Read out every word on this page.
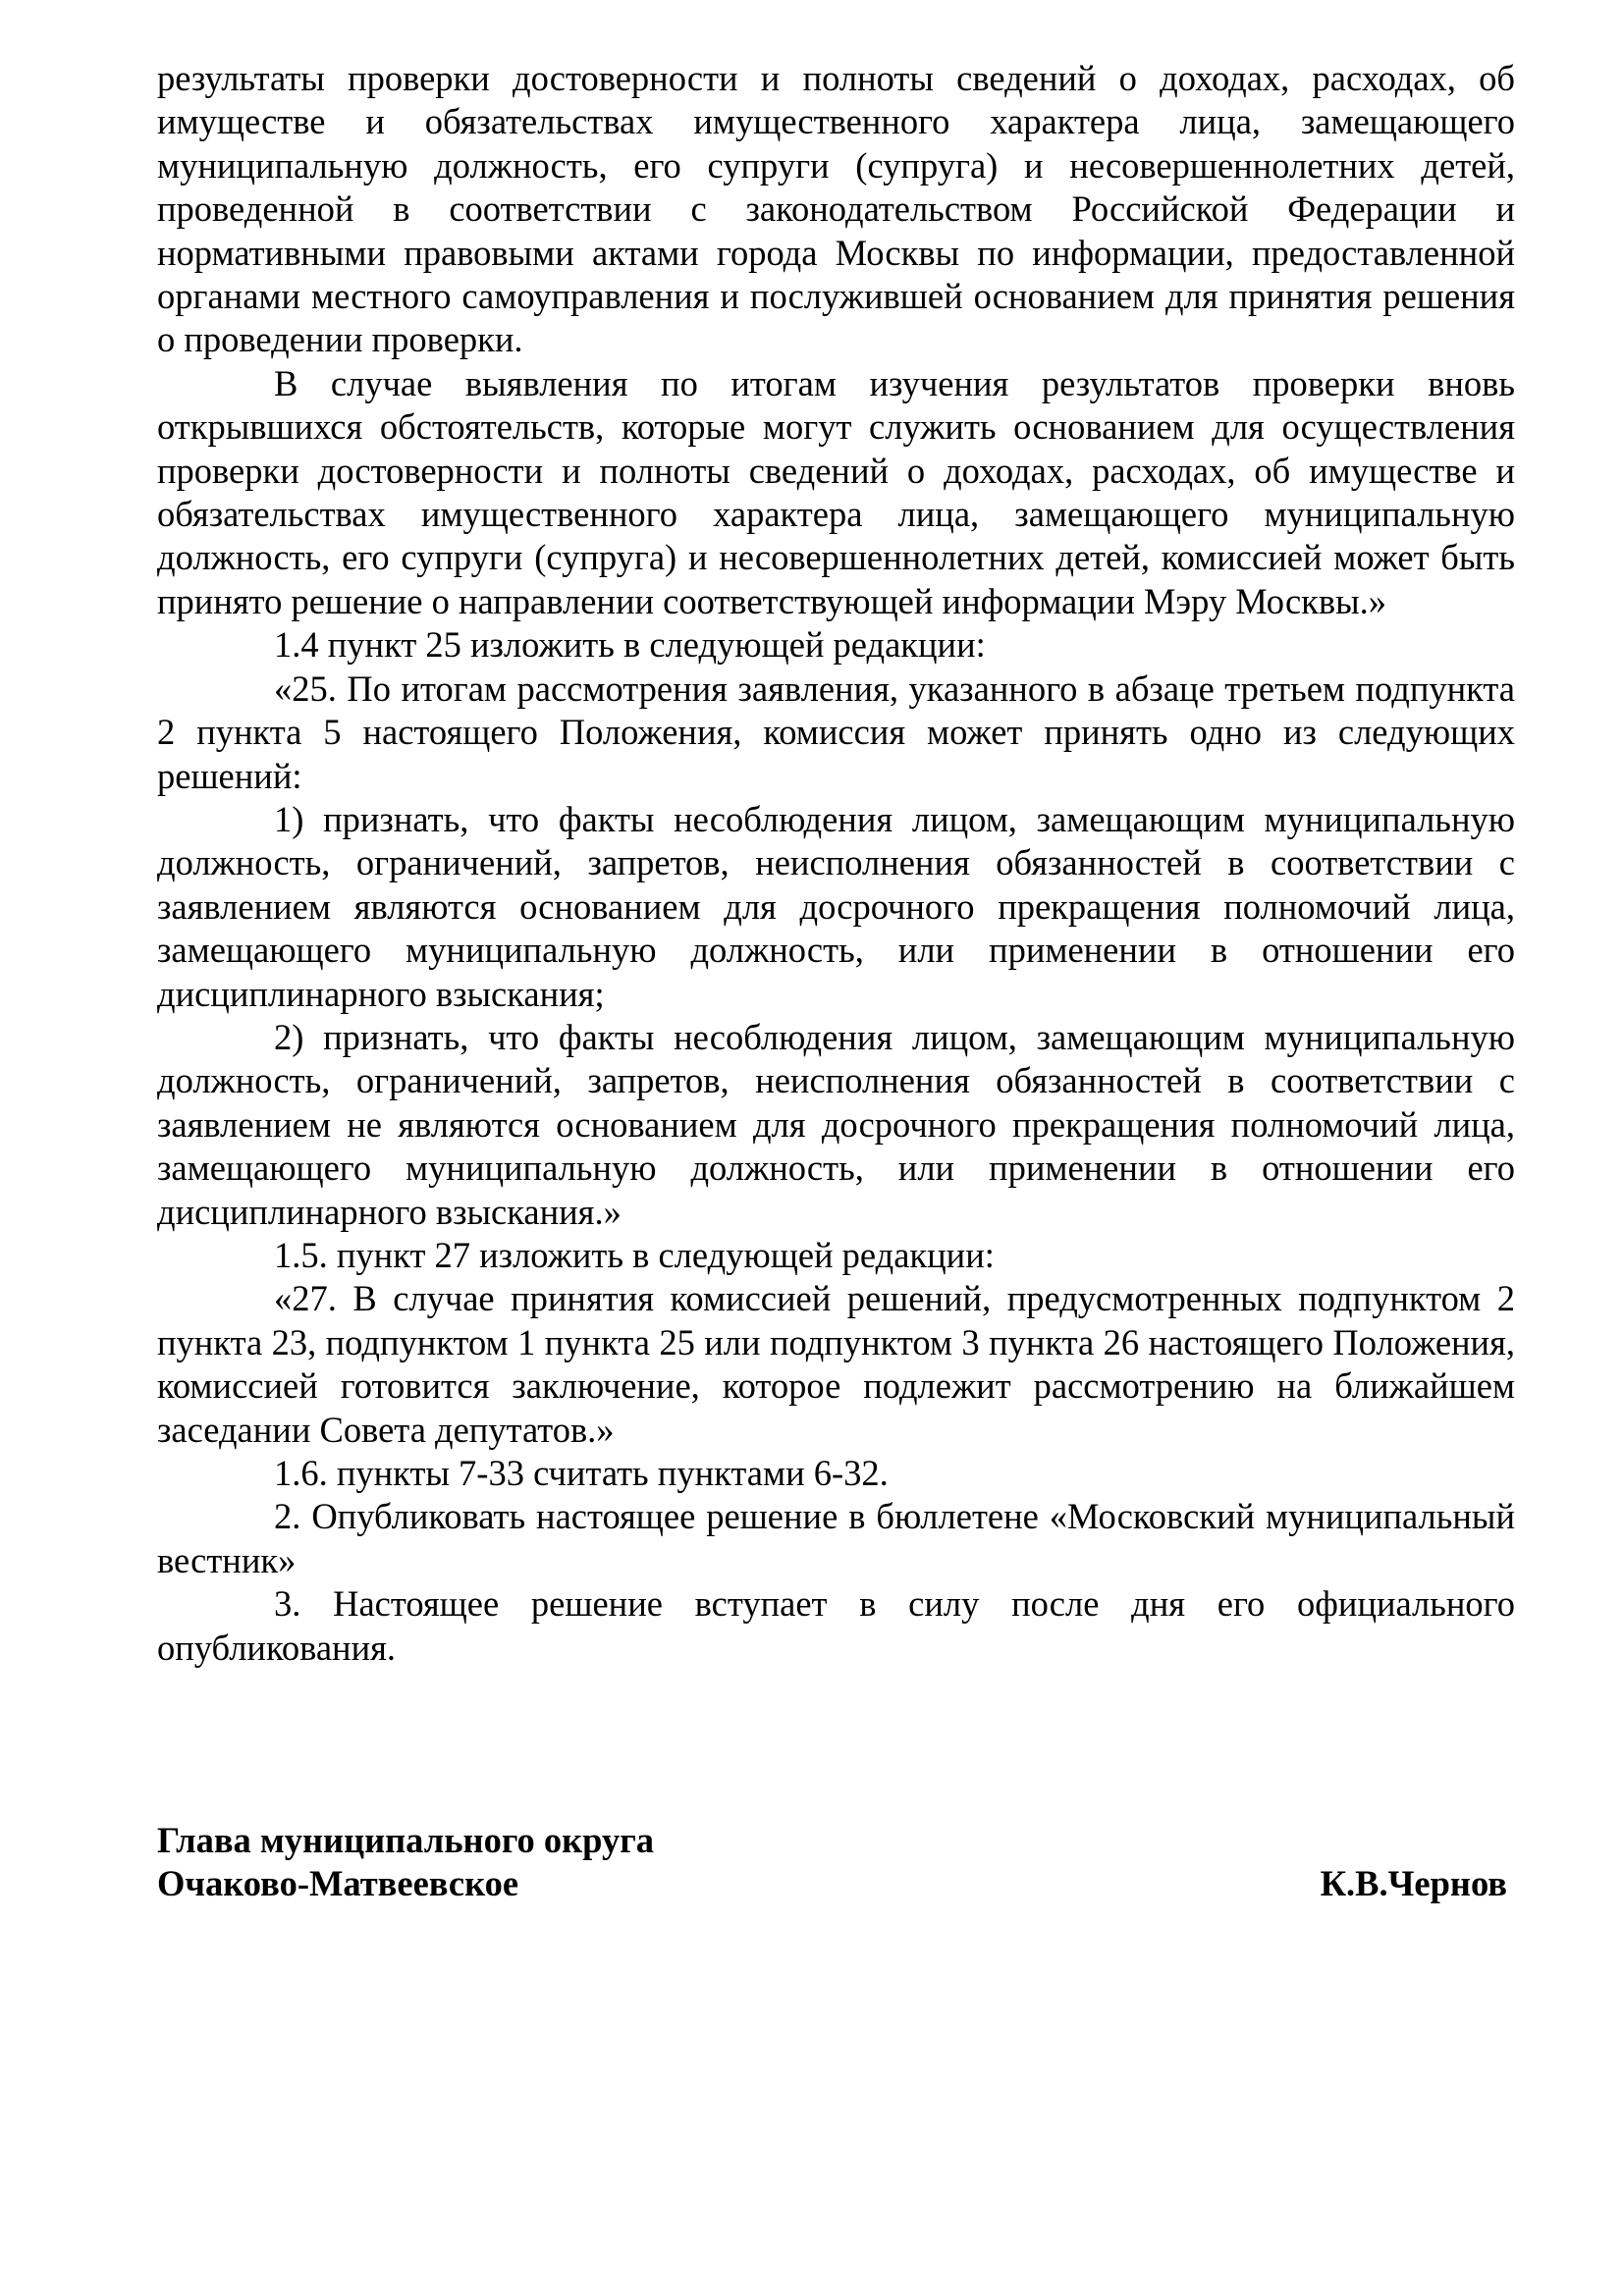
результаты проверки достоверности и полноты сведений о доходах, расходах, об имуществе и обязательствах имущественного характера лица, замещающего муниципальную должность, его супруги (супруга) и несовершеннолетних детей, проведенной в соответствии с законодательством Российской Федерации и нормативными правовыми актами города Москвы по информации, предоставленной органами местного самоуправления и послужившей основанием для принятия решения о проведении проверки.

В случае выявления по итогам изучения результатов проверки вновь открывшихся обстоятельств, которые могут служить основанием для осуществления проверки достоверности и полноты сведений о доходах, расходах, об имуществе и обязательствах имущественного характера лица, замещающего муниципальную должность, его супруги (супруга) и несовершеннолетних детей, комиссией может быть принято решение о направлении соответствующей информации Мэру Москвы.»

1.4 пункт 25 изложить в следующей редакции:

«25. По итогам рассмотрения заявления, указанного в абзаце третьем подпункта 2 пункта 5 настоящего Положения, комиссия может принять одно из следующих решений:

1) признать, что факты несоблюдения лицом, замещающим муниципальную должность, ограничений, запретов, неисполнения обязанностей в соответствии с заявлением являются основанием для досрочного прекращения полномочий лица, замещающего муниципальную должность, или применении в отношении его дисциплинарного взыскания;

2) признать, что факты несоблюдения лицом, замещающим муниципальную должность, ограничений, запретов, неисполнения обязанностей в соответствии с заявлением не являются основанием для досрочного прекращения полномочий лица, замещающего муниципальную должность, или применении в отношении его дисциплинарного взыскания.»

1.5. пункт 27 изложить в следующей редакции:

«27. В случае принятия комиссией решений, предусмотренных подпунктом 2 пункта 23, подпунктом 1 пункта 25 или подпунктом 3 пункта 26 настоящего Положения, комиссией готовится заключение, которое подлежит рассмотрению на ближайшем заседании Совета депутатов.»

1.6. пункты 7-33 считать пунктами 6-32.

2. Опубликовать настоящее решение в бюллетене «Московский муниципальный вестник»

3. Настоящее решение вступает в силу после дня его официального опубликования.

Глава муниципального округа
Очаково-Матвеевское	К.В.Чернов
